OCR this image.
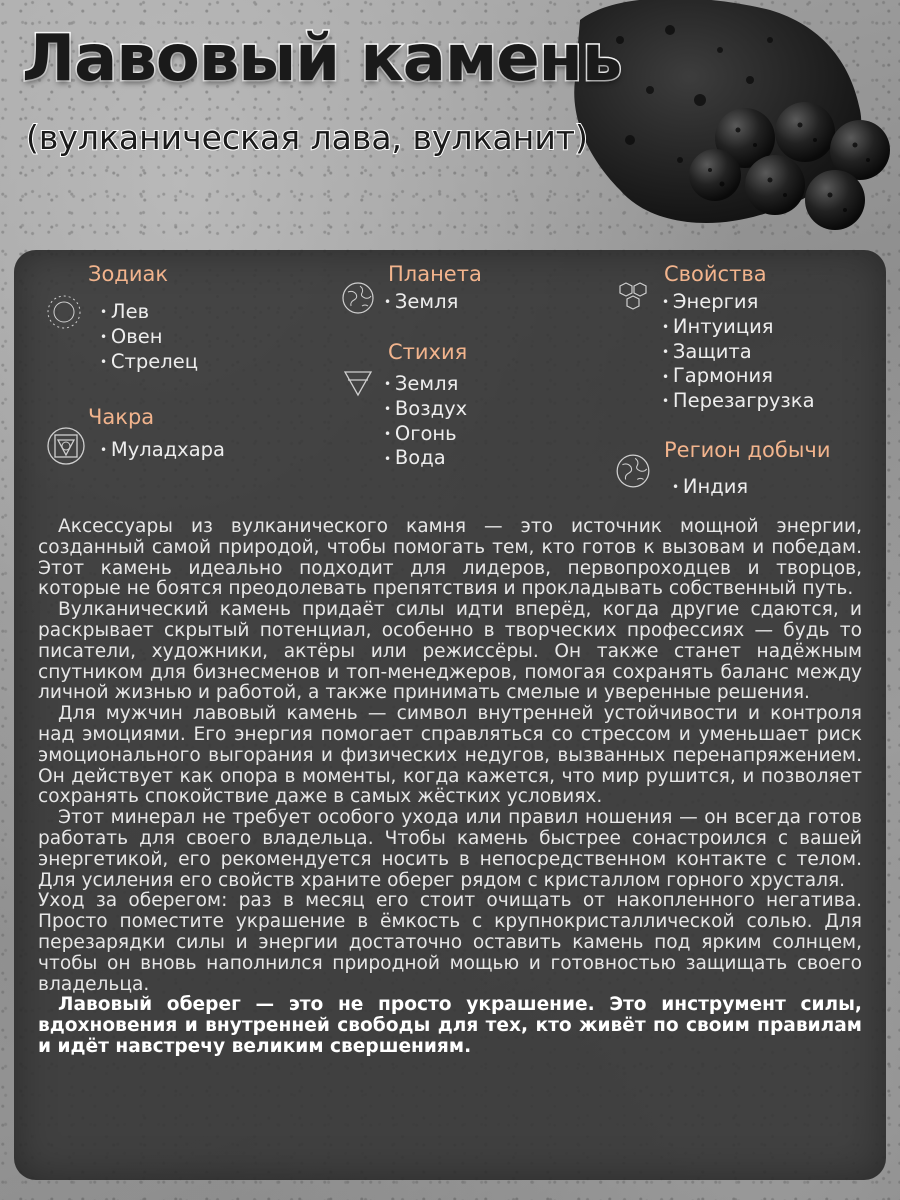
Лавовый камень
(вулканическая лава, вулканит)
Зодиак
• Лев
• Овен
• Стрелец
Чакра
• Муладхара
Планета
• Земля
Стихия
• Земля
• Воздух
• Огонь
• Вода
Свойства
• Энергия
• Интуиция
• Защита
• Гармония
• Перезагрузка
Регион добычи
• Индия

Аксессуары из вулканического камня — это источник мощной энергии, созданный самой природой, чтобы помогать тем, кто готов к вызовам и победам. Этот камень идеально подходит для лидеров, первопроходцев и творцов, которые не боятся преодолевать препятствия и прокладывать собственный путь.

Вулканический камень придаёт силы идти вперёд, когда другие сдаются, и раскрывает скрытый потенциал, особенно в творческих профессиях — будь то писатели, художники, актёры или режиссёры. Он также станет надёжным спутником для бизнесменов и топ-менеджеров, помогая сохранять баланс между личной жизнью и работой, а также принимать смелые и уверенные решения.

Для мужчин лавовый камень — символ внутренней устойчивости и контроля над эмоциями. Его энергия помогает справляться со стрессом и уменьшает риск эмоционального выгорания и физических недугов, вызванных перенапряжением. Он действует как опора в моменты, когда кажется, что мир рушится, и позволяет сохранять спокойствие даже в самых жёстких условиях.

Этот минерал не требует особого ухода или правил ношения — он всегда готов работать для своего владельца. Чтобы камень быстрее сонастроился с вашей энергетикой, его рекомендуется носить в непосредственном контакте с телом. Для усиления его свойств храните оберег рядом с кристаллом горного хрусталя.

Уход за оберегом: раз в месяц его стоит очищать от накопленного негатива. Просто поместите украшение в ёмкость с крупнокристаллической солью. Для перезарядки силы и энергии достаточно оставить камень под ярким солнцем, чтобы он вновь наполнился природной мощью и готовностью защищать своего владельца.

Лавовый оберег — это не просто украшение. Это инструмент силы, вдохновения и внутренней свободы для тех, кто живёт по своим правилам и идёт навстречу великим свершениям.
